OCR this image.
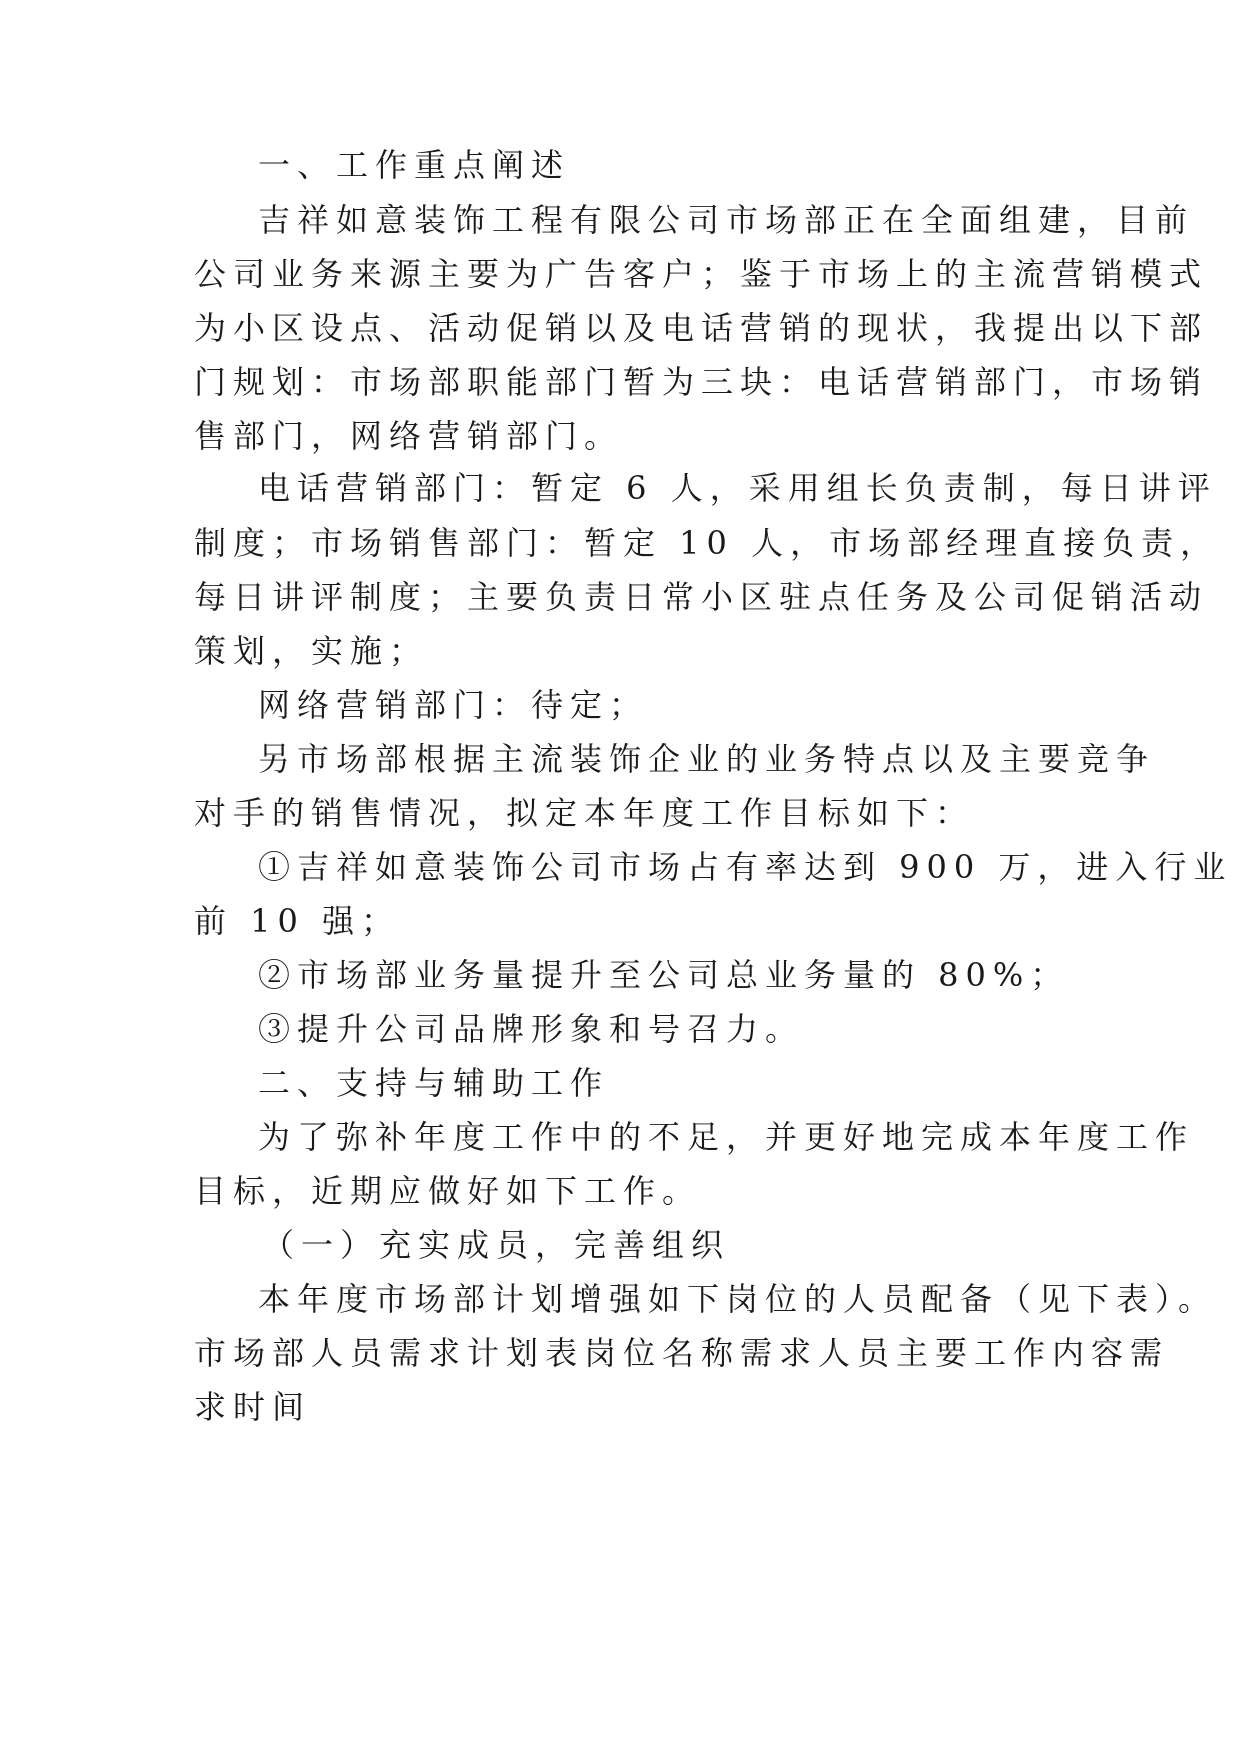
一、工作重点阐述
吉祥如意装饰工程有限公司市场部正在全面组建，目前
公司业务来源主要为广告客户；鉴于市场上的主流营销模式
为小区设点、活动促销以及电话营销的现状，我提出以下部
门规划：市场部职能部门暂为三块：电话营销部门，市场销
售部门，网络营销部门。
电话营销部门：暂定 6 人，采用组长负责制，每日讲评
制度；市场销售部门：暂定 10 人，市场部经理直接负责，
每日讲评制度；主要负责日常小区驻点任务及公司促销活动
策划，实施；
网络营销部门：待定；
另市场部根据主流装饰企业的业务特点以及主要竞争
对手的销售情况，拟定本年度工作目标如下：
①吉祥如意装饰公司市场占有率达到 900 万，进入行业
前 10 强；
②市场部业务量提升至公司总业务量的 80%；
③提升公司品牌形象和号召力。
二、支持与辅助工作
为了弥补年度工作中的不足，并更好地完成本年度工作
目标，近期应做好如下工作。
（一）充实成员，完善组织
本年度市场部计划增强如下岗位的人员配备（见下表）。
市场部人员需求计划表岗位名称需求人员主要工作内容需
求时间
